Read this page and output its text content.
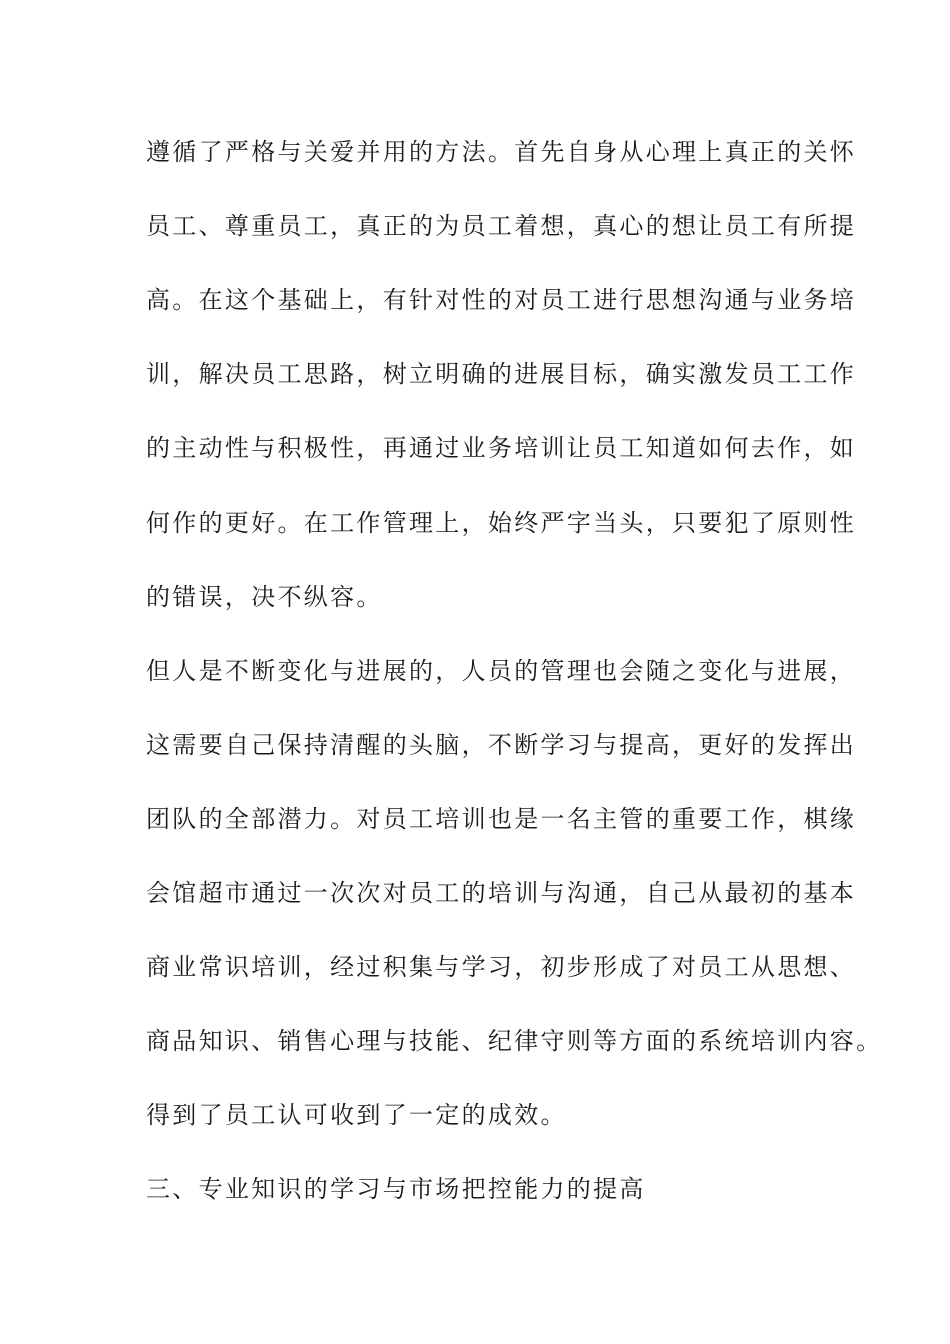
遵循了严格与关爱并用的方法。首先自身从心理上真正的关怀
员工、尊重员工，真正的为员工着想，真心的想让员工有所提
高。在这个基础上，有针对性的对员工进行思想沟通与业务培
训，解决员工思路，树立明确的进展目标，确实激发员工工作
的主动性与积极性，再通过业务培训让员工知道如何去作，如
何作的更好。在工作管理上，始终严字当头，只要犯了原则性
的错误，决不纵容。
但人是不断变化与进展的，人员的管理也会随之变化与进展，
这需要自己保持清醒的头脑，不断学习与提高，更好的发挥出
团队的全部潜力。对员工培训也是一名主管的重要工作，棋缘
会馆超市通过一次次对员工的培训与沟通，自己从最初的基本
商业常识培训，经过积集与学习，初步形成了对员工从思想、
商品知识、销售心理与技能、纪律守则等方面的系统培训内容。
得到了员工认可收到了一定的成效。
三、专业知识的学习与市场把控能力的提高
